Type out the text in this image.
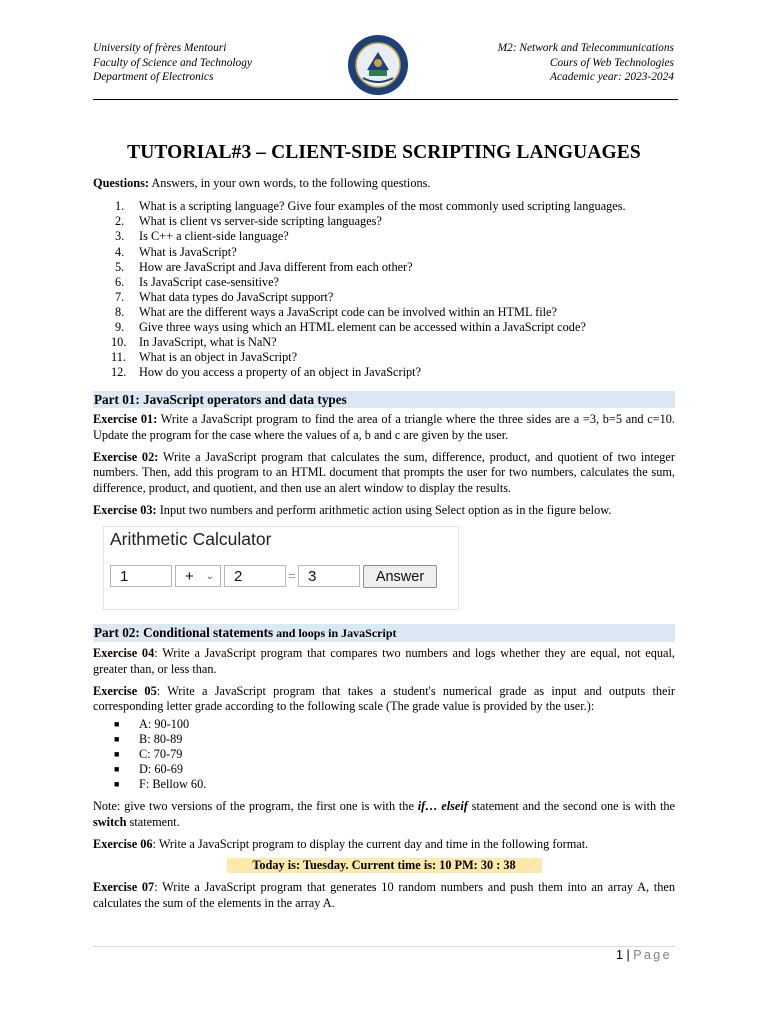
University of frères Mentouri
Faculty of Science and Technology
Department of Electronics
M2: Network and Telecommunications
Cours of Web Technologies
Academic year: 2023-2024
TUTORIAL#3 – CLIENT-SIDE SCRIPTING LANGUAGES

Questions: Answers, in your own words, to the following questions.

1. What is a scripting language? Give four examples of the most commonly used scripting languages.
2. What is client vs server-side scripting languages?
3. Is C++ a client-side language?
4. What is JavaScript?
5. How are JavaScript and Java different from each other?
6. Is JavaScript case-sensitive?
7. What data types do JavaScript support?
8. What are the different ways a JavaScript code can be involved within an HTML file?
9. Give three ways using which an HTML element can be accessed within a JavaScript code?
10. In JavaScript, what is NaN?
11. What is an object in JavaScript?
12. How do you access a property of an object in JavaScript?
Part 01: JavaScript operators and data types

Exercise 01: Write a JavaScript program to find the area of a triangle where the three sides are a =3, b=5 and c=10. Update the program for the case where the values of a, b and c are given by the user.

Exercise 02: Write a JavaScript program that calculates the sum, difference, product, and quotient of two integer numbers. Then, add this program to an HTML document that prompts the user for two numbers, calculates the sum, difference, product, and quotient, and then use an alert window to display the results.

Exercise 03: Input two numbers and perform arithmetic action using Select option as in the figure below.

Arithmetic Calculator
1	+ ⌄	2	= 3	Answer
Part 02: Conditional statements and loops in JavaScript

Exercise 04: Write a JavaScript program that compares two numbers and logs whether they are equal, not equal, greater than, or less than.

Exercise 05: Write a JavaScript program that takes a student's numerical grade as input and outputs their corresponding letter grade according to the following scale (The grade value is provided by the user.):

■ A: 90-100
■ B: 80-89
■ C: 70-79
■ D: 60-69
■ F: Bellow 60.

Note: give two versions of the program, the first one is with the if… elseif statement and the second one is with the switch statement.

Exercise 06: Write a JavaScript program to display the current day and time in the following format.

Today is: Tuesday. Current time is: 10 PM: 30 : 38

Exercise 07: Write a JavaScript program that generates 10 random numbers and push them into an array A, then calculates the sum of the elements in the array A.

1 | Page
